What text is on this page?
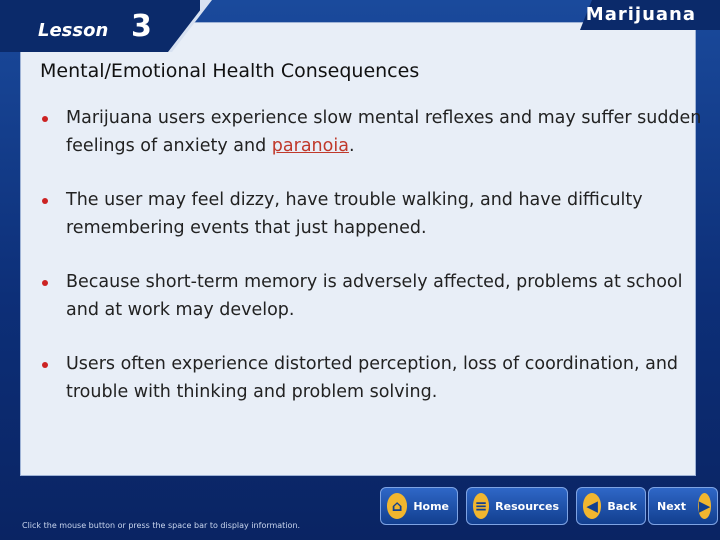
Lesson 3	Marijuana
Mental/Emotional Health Consequences
Marijuana users experience slow mental reflexes and may suffer sudden feelings of anxiety and paranoia.
The user may feel dizzy, have trouble walking, and have difficulty remembering events that just happened.
Because short-term memory is adversely affected, problems at school and at work may develop.
Users often experience distorted perception, loss of coordination, and trouble with thinking and problem solving.
Click the mouse button or press the space bar to display information.
⌂ Home	≡ Resources	◀ Back	Next ▶
